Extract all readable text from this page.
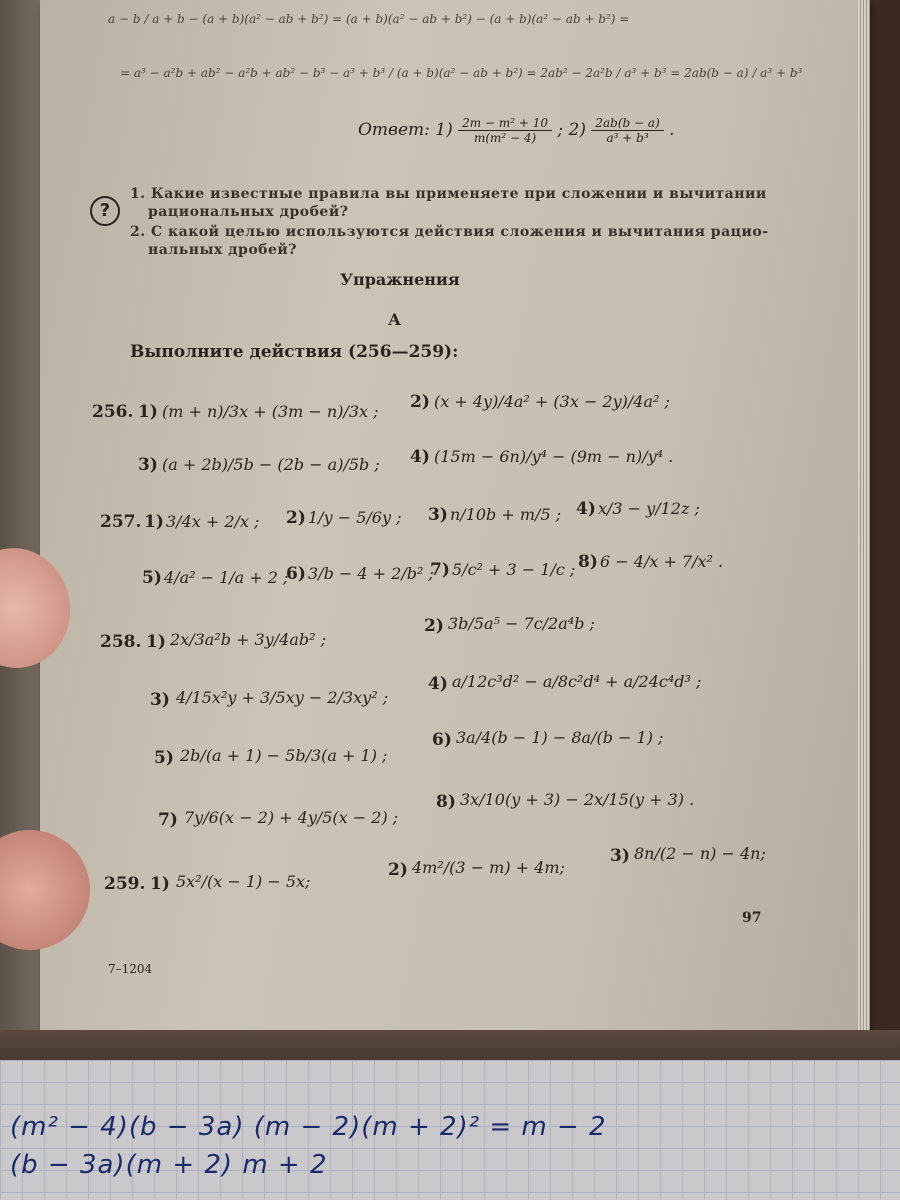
a − b / a + b − (a + b)(a² − ab + b²) = (a + b)(a² − ab + b²) − (a + b)(a² − ab + b²) =
= a³ − a²b + ab² − a²b + ab² − b³ − a³ + b³ / (a + b)(a² − ab + b²) = 2ab² − 2a²b / a³ + b³ = 2ab(b − a) / a³ + b³
Ответ: $1) \frac{\text{2m − m² + 10}}{\text{m(m² − 4)}}$ ; $2) \frac{2ab(b - a)}{\text{a³ + b³}}$ .
?
1. Какие известные правила вы применяете при сложении и вычитании
рациональных дробей?
2. С какой целью используются действия сложения и вычитания рацио-
нальных дробей?
Упражнения
А
Выполните действия (256—259):
256. 1) (m + n)/3x + (3m − n)/3x ; 2) (x + 4y)/4a² + (3x − 2y)/4a² ;
3) (a + 2b)/5b − (2b − a)/5b ; 4) (15m − 6n)/y⁴ − (9m − n)/y⁴ .
257. 1) 3/4x + 2/x ; 2) 1/y − 5/6y ; 3) n/10b + m/5 ; 4) x/3 − y/12z ;
5) 4/a² − 1/a + 2 ;
6) 3/b − 4 + 2/b² ;
7) 5/c² + 3 − 1/c ; 8) 6 − 4/x + 7/x² .
258. 1) 2x/3a²b + 3y/4ab² ;
2) 3b/5a⁵ − 7c/2a⁴b ;
3) 4/15x²y + 3/5xy − 2/3xy² ;
4) a/12c³d² − a/8c²d⁴ + a/24c⁴d³ ;
5) 2b/(a + 1) − 5b/3(a + 1) ;
6) 3a/4(b − 1) − 8a/(b − 1) ;
7) 7y/6(x − 2) + 4y/5(x − 2) ;
8) 3x/10(y + 3) − 2x/15(y + 3) .
259. 1) 5x²/(x − 1) − 5x;
2) 4m²/(3 − m) + 4m;
3) 8n/(2 − n) − 4n;
97
7–1204
(m² − 4)(b − 3a) (m − 2)(m + 2)² = m − 2
(b − 3a)(m + 2) m + 2
